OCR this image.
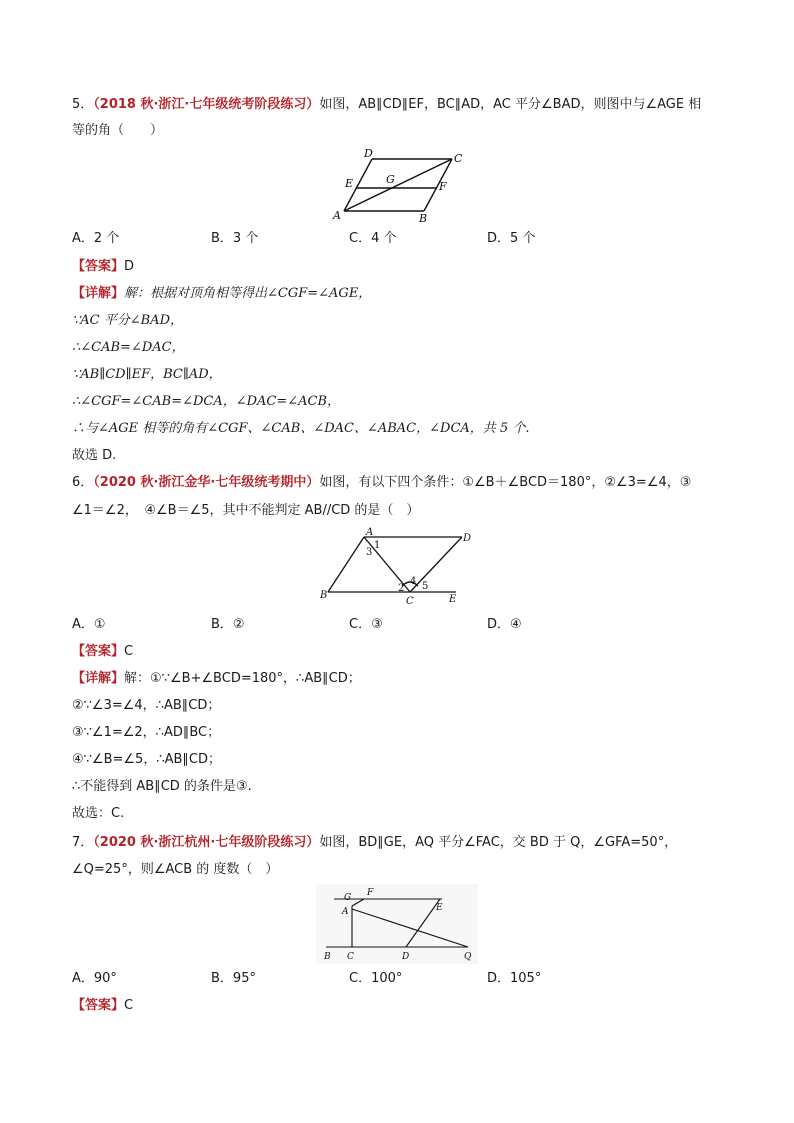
5．（2018 秋·浙江·七年级统考阶段练习）如图，AB∥CD∥EF，BC∥AD，AC 平分∠BAD，则图中与∠AGE 相
等的角（　　）
D	C
E	G
F
A	B
A．2 个	B．3 个	C．4 个	D．5 个
【答案】D
【详解】解：根据对顶角相等得出∠CGF=∠AGE，
∵AC 平分∠BAD，
∴∠CAB=∠DAC，
∵AB∥CD∥EF，BC∥AD，
∴∠CGF=∠CAB=∠DCA，∠DAC=∠ACB，
∴与∠AGE 相等的角有∠CGF、∠CAB、∠DAC、∠ABAC，∠DCA，共 5 个.
故选 D.
6．（2020 秋·浙江金华·七年级统考期中）如图，有以下四个条件：①∠B＋∠BCD＝180°，②∠3=∠4，③
∠1＝∠2，　④∠B＝∠5，其中不能判定 AB//CD 的是（　）
A
D
B
C	E
1
2
3
4 5
A．①	B．②	C．③	D．④
【答案】C
【详解】解：①∵∠B+∠BCD=180°，∴AB∥CD；
②∵∠3=∠4，∴AB∥CD；
③∵∠1=∠2，∴AD∥BC；
④∵∠B=∠5，∴AB∥CD；
∴不能得到 AB∥CD 的条件是③.
故选：C.
7．（2020 秋·浙江杭州·七年级阶段练习）如图，BD∥GE，AQ 平分∠FAC，交 BD 于 Q，∠GFA=50°，
∠Q=25°，则∠ACB 的 度数（　）
G F
A	E
B C	D	Q
A．90°	B．95°	C．100°	D．105°
【答案】C
